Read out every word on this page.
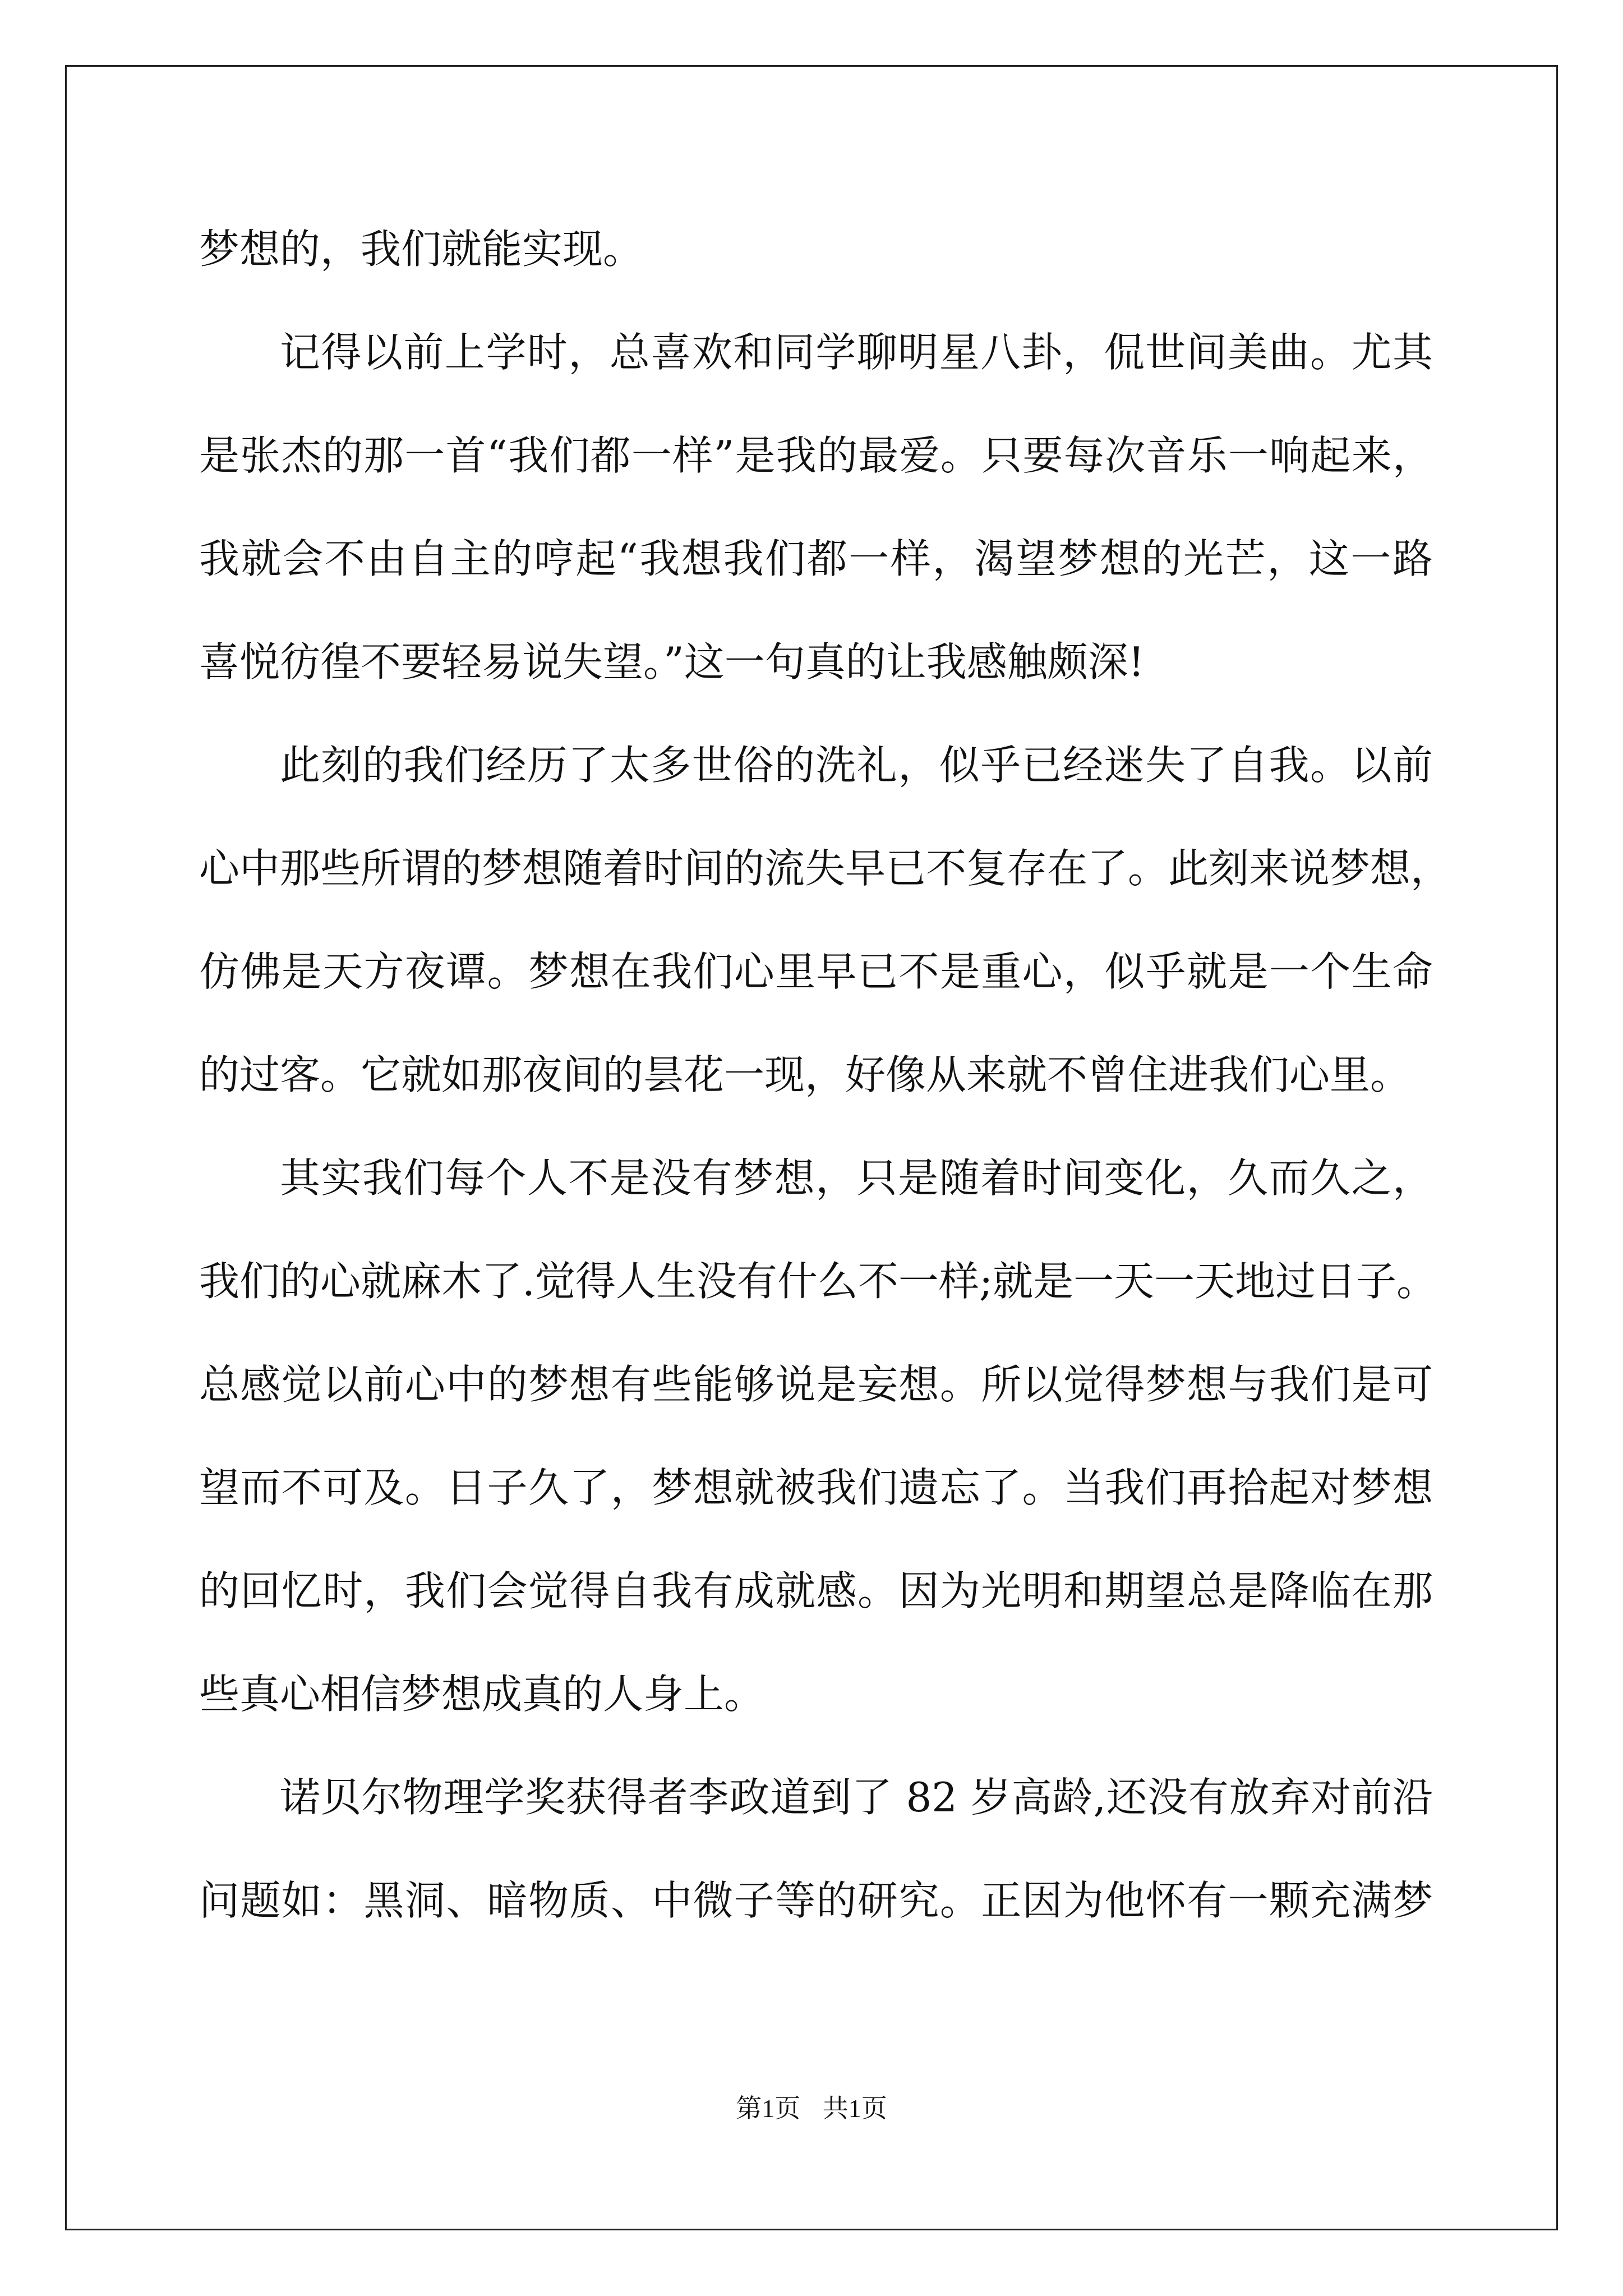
梦想的，我们就能实现。
记得以前上学时，总喜欢和同学聊明星八卦，侃世间美曲。尤其
是张杰的那一首“我们都一样”是我的最爱。只要每次音乐一响起来，
我就会不由自主的哼起“我想我们都一样，渴望梦想的光芒，这一路
喜悦彷徨不要轻易说失望。”这一句真的让我感触颇深!
此刻的我们经历了太多世俗的洗礼，似乎已经迷失了自我。以前
心中那些所谓的梦想随着时间的流失早已不复存在了。此刻来说梦想，
仿佛是天方夜谭。梦想在我们心里早已不是重心，似乎就是一个生命
的过客。它就如那夜间的昙花一现，好像从来就不曾住进我们心里。
其实我们每个人不是没有梦想，只是随着时间变化，久而久之，
我们的心就麻木了.觉得人生没有什么不一样;就是一天一天地过日子。
总感觉以前心中的梦想有些能够说是妄想。所以觉得梦想与我们是可
望而不可及。日子久了，梦想就被我们遗忘了。当我们再拾起对梦想
的回忆时，我们会觉得自我有成就感。因为光明和期望总是降临在那
些真心相信梦想成真的人身上。
诺贝尔物理学奖获得者李政道到了 82 岁高龄,还没有放弃对前沿
问题如：黑洞、暗物质、中微子等的研究。正因为他怀有一颗充满梦
第1页 共1页
